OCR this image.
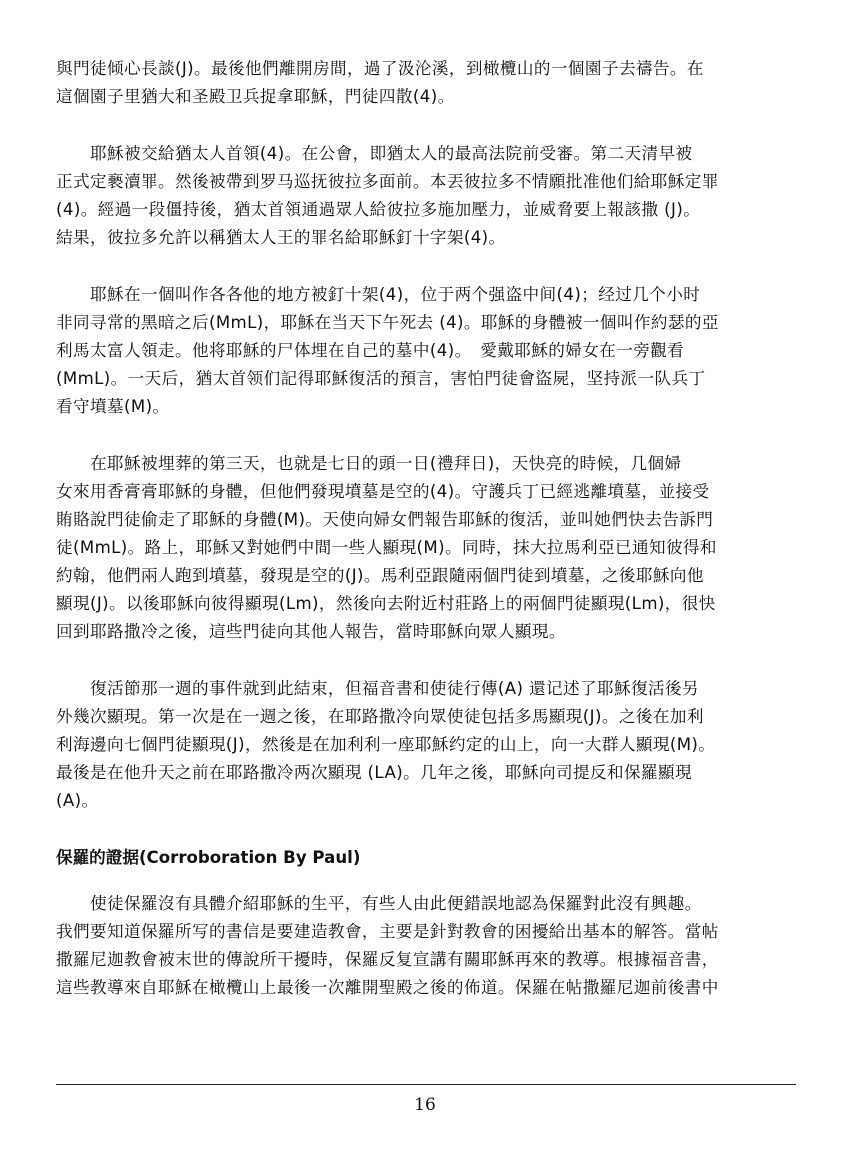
與門徒倾心長談(J)。最後他們離開房間，過了汲沦溪，到橄欖山的一個園子去禱告。在
這個園子里猶大和圣殿卫兵捉拿耶穌，門徒四散(4)。

　　耶穌被交給猶太人首領(4)。在公會，即猶太人的最高法院前受審。第二天清早被
正式定褻瀆罪。然後被帶到罗马巡抚彼拉多面前。本丟彼拉多不情願批准他们給耶穌定罪
(4)。經過一段僵持後，猶太首領通過眾人給彼拉多施加壓力，並威脅要上報該撒 (J)。
結果，彼拉多允許以稱猶太人王的罪名給耶穌釘十字架(4)。

　　耶穌在一個叫作各各他的地方被釘十架(4)，位于两个强盗中间(4)；经过几个小时
非同寻常的黑暗之后(MmL)，耶穌在当天下午死去 (4)。耶穌的身體被一個叫作約瑟的亞
利馬太富人領走。他将耶穌的尸体埋在自己的墓中(4)。　愛戴耶穌的婦女在一旁觀看
(MmL)。一天后，猶太首领们記得耶穌復活的預言，害怕門徒會盜屍，坚持派一队兵丁
看守墳墓(M)。

　　在耶穌被埋葬的第三天，也就是七日的頭一日(禮拜日)，天快亮的時候，几個婦
女來用香膏膏耶穌的身體，但他們發現墳墓是空的(4)。守護兵丁已經逃離墳墓，並接受
賄賂說門徒偷走了耶穌的身體(M)。天使向婦女們報告耶穌的復活，並叫她們快去告訴門
徒(MmL)。路上，耶穌又對她們中間一些人顯現(M)。同時，抹大拉馬利亞已通知彼得和
約翰，他們兩人跑到墳墓，發現是空的(J)。馬利亞跟隨兩個門徒到墳墓，之後耶穌向他
顯現(J)。以後耶穌向彼得顯現(Lm)，然後向去附近村莊路上的兩個門徒顯現(Lm)，很快
回到耶路撒冷之後，這些門徒向其他人報告，當時耶穌向眾人顯現。

　　復活節那一週的事件就到此結束，但福音書和使徒行傳(A) 還记述了耶穌復活後另
外幾次顯現。第一次是在一週之後，在耶路撒冷向眾使徒包括多馬顯現(J)。之後在加利
利海邊向七個門徒顯現(J)，然後是在加利利一座耶穌约定的山上，向一大群人顯現(M)。
最後是在他升天之前在耶路撒冷两次顯現 (LA)。几年之後，耶穌向司提反和保羅顯現
(A)。

保羅的證据(Corroboration By Paul)

　　使徒保羅沒有具體介紹耶穌的生平，有些人由此便錯誤地認為保羅對此沒有興趣。
我們要知道保羅所写的書信是要建造教會，主要是針對教會的困擾給出基本的解答。當帖
撒羅尼迦教會被末世的傳說所干擾時，保羅反复宣講有關耶穌再來的教導。根據福音書，
這些教導來自耶穌在橄欖山上最後一次離開聖殿之後的佈道。保羅在帖撒羅尼迦前後書中

16
